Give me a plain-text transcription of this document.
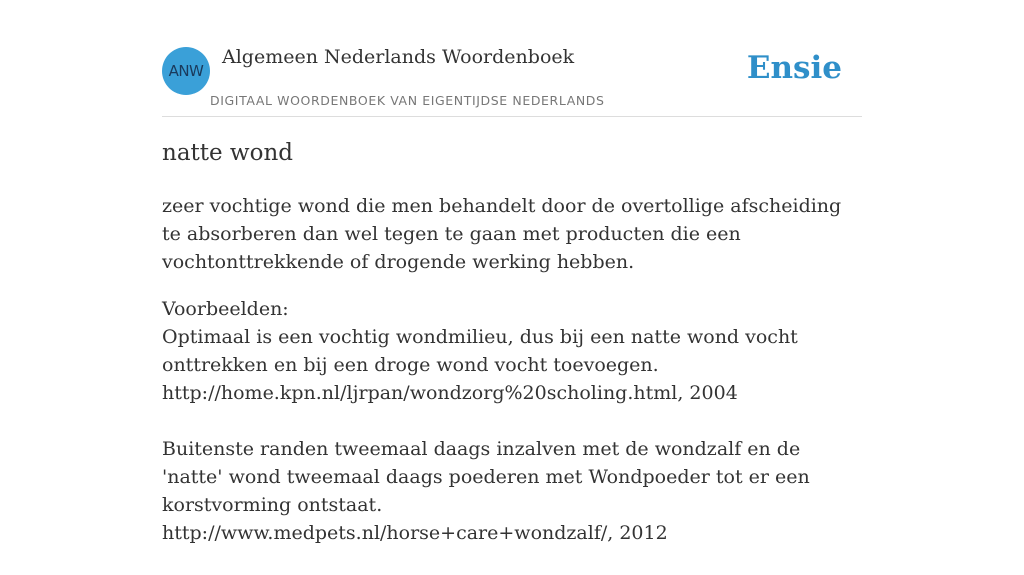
ANW
Algemeen Nederlands Woordenboek
DIGITAAL WOORDENBOEK VAN EIGENTIJDSE NEDERLANDS
Ensie
natte wond
zeer vochtige wond die men behandelt door de overtollige afscheiding te absorberen dan wel tegen te gaan met producten die een vochtonttrekkende of drogende werking hebben.
Voorbeelden:
Optimaal is een vochtig wondmilieu, dus bij een natte wond vocht onttrekken en bij een droge wond vocht toevoegen.
http://home.kpn.nl/ljrpan/wondzorg%20scholing.html, 2004
Buitenste randen tweemaal daags inzalven met de wondzalf en de 'natte' wond tweemaal daags poederen met Wondpoeder tot er een korstvorming ontstaat.
http://www.medpets.nl/horse+care+wondzalf/, 2012
